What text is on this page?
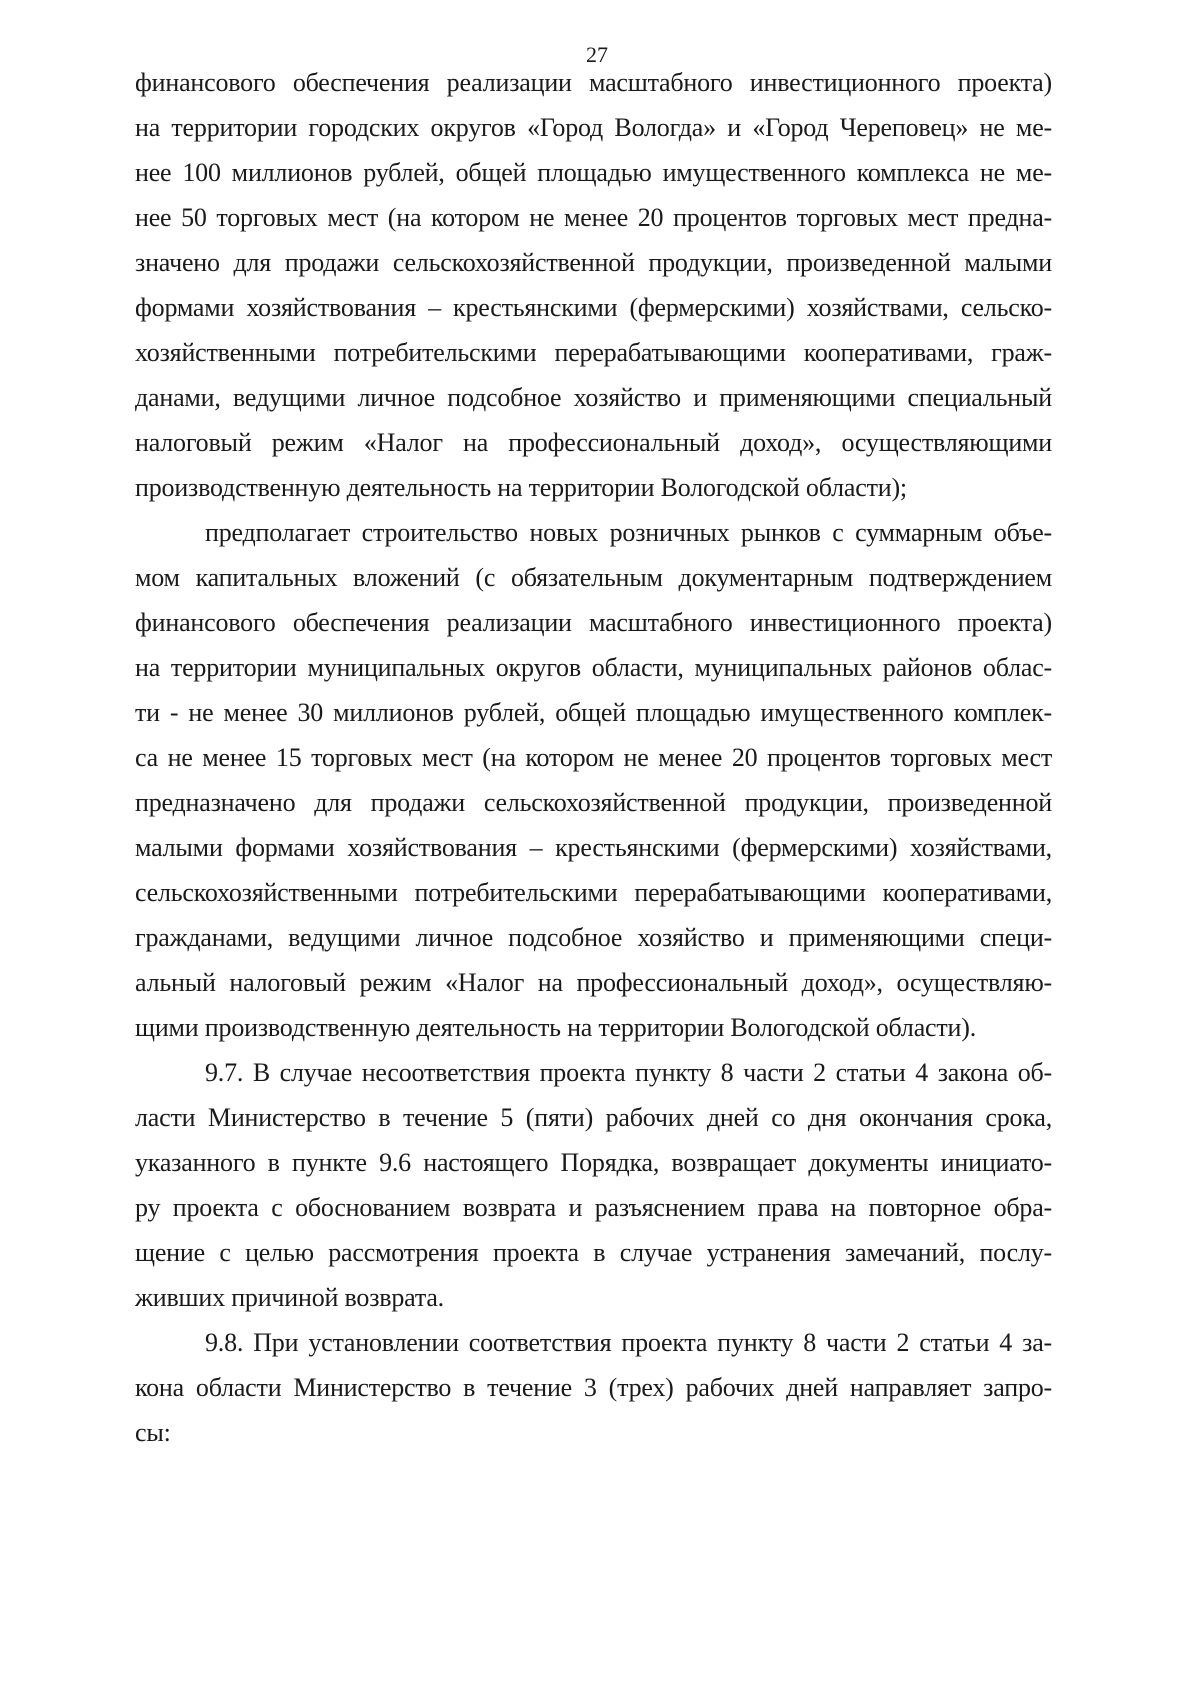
27
финансового обеспечения реализации масштабного инвестиционного проекта)
на территории городских округов «Город Вологда» и «Город Череповец» не ме-
нее 100 миллионов рублей, общей площадью имущественного комплекса не ме-
нее 50 торговых мест (на котором не менее 20 процентов торговых мест предна-
значено для продажи сельскохозяйственной продукции, произведенной малыми
формами хозяйствования – крестьянскими (фермерскими) хозяйствами, сельско-
хозяйственными потребительскими перерабатывающими кооперативами, граж-
данами, ведущими личное подсобное хозяйство и применяющими специальный
налоговый режим «Налог на профессиональный доход», осуществляющими
производственную деятельность на территории Вологодской области);
предполагает строительство новых розничных рынков с суммарным объе-
мом капитальных вложений (с обязательным документарным подтверждением
финансового обеспечения реализации масштабного инвестиционного проекта)
на территории муниципальных округов области, муниципальных районов облас-
ти - не менее 30 миллионов рублей, общей площадью имущественного комплек-
са не менее 15 торговых мест (на котором не менее 20 процентов торговых мест
предназначено для продажи сельскохозяйственной продукции, произведенной
малыми формами хозяйствования – крестьянскими (фермерскими) хозяйствами,
сельскохозяйственными потребительскими перерабатывающими кооперативами,
гражданами, ведущими личное подсобное хозяйство и применяющими специ-
альный налоговый режим «Налог на профессиональный доход», осуществляю-
щими производственную деятельность на территории Вологодской области).
9.7. В случае несоответствия проекта пункту 8 части 2 статьи 4 закона об-
ласти Министерство в течение 5 (пяти) рабочих дней со дня окончания срока,
указанного в пункте 9.6 настоящего Порядка, возвращает документы инициато-
ру проекта с обоснованием возврата и разъяснением права на повторное обра-
щение с целью рассмотрения проекта в случае устранения замечаний, послу-
живших причиной возврата.
9.8. При установлении соответствия проекта пункту 8 части 2 статьи 4 за-
кона области Министерство в течение 3 (трех) рабочих дней направляет запро-
сы:
